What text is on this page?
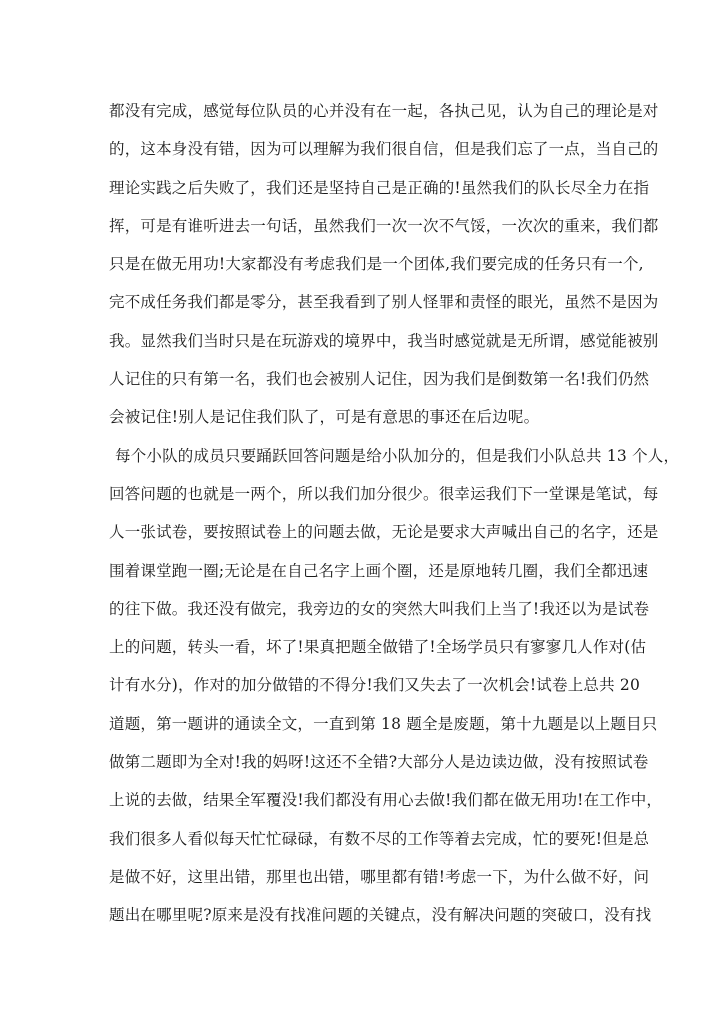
都没有完成，感觉每位队员的心并没有在一起，各执己见，认为自己的理论是对
的，这本身没有错，因为可以理解为我们很自信，但是我们忘了一点，当自己的
理论实践之后失败了，我们还是坚持自己是正确的!虽然我们的队长尽全力在指
挥，可是有谁听进去一句话，虽然我们一次一次不气馁，一次次的重来，我们都
只是在做无用功!大家都没有考虑我们是一个团体,我们要完成的任务只有一个,
完不成任务我们都是零分，甚至我看到了别人怪罪和责怪的眼光，虽然不是因为
我。显然我们当时只是在玩游戏的境界中，我当时感觉就是无所谓，感觉能被别
人记住的只有第一名，我们也会被别人记住，因为我们是倒数第一名!我们仍然
会被记住!别人是记住我们队了，可是有意思的事还在后边呢。
每个小队的成员只要踊跃回答问题是给小队加分的，但是我们小队总共 13 个人，
回答问题的也就是一两个，所以我们加分很少。很幸运我们下一堂课是笔试，每
人一张试卷，要按照试卷上的问题去做，无论是要求大声喊出自己的名字，还是
围着课堂跑一圈;无论是在自己名字上画个圈，还是原地转几圈，我们全都迅速
的往下做。我还没有做完，我旁边的女的突然大叫我们上当了!我还以为是试卷
上的问题，转头一看，坏了!果真把题全做错了!全场学员只有寥寥几人作对(估
计有水分)，作对的加分做错的不得分!我们又失去了一次机会!试卷上总共 20
道题，第一题讲的通读全文，一直到第 18 题全是废题，第十九题是以上题目只
做第二题即为全对!我的妈呀!这还不全错?大部分人是边读边做，没有按照试卷
上说的去做，结果全军覆没!我们都没有用心去做!我们都在做无用功!在工作中，
我们很多人看似每天忙忙碌碌，有数不尽的工作等着去完成，忙的要死!但是总
是做不好，这里出错，那里也出错，哪里都有错!考虑一下，为什么做不好，问
题出在哪里呢?原来是没有找准问题的关键点，没有解决问题的突破口，没有找
